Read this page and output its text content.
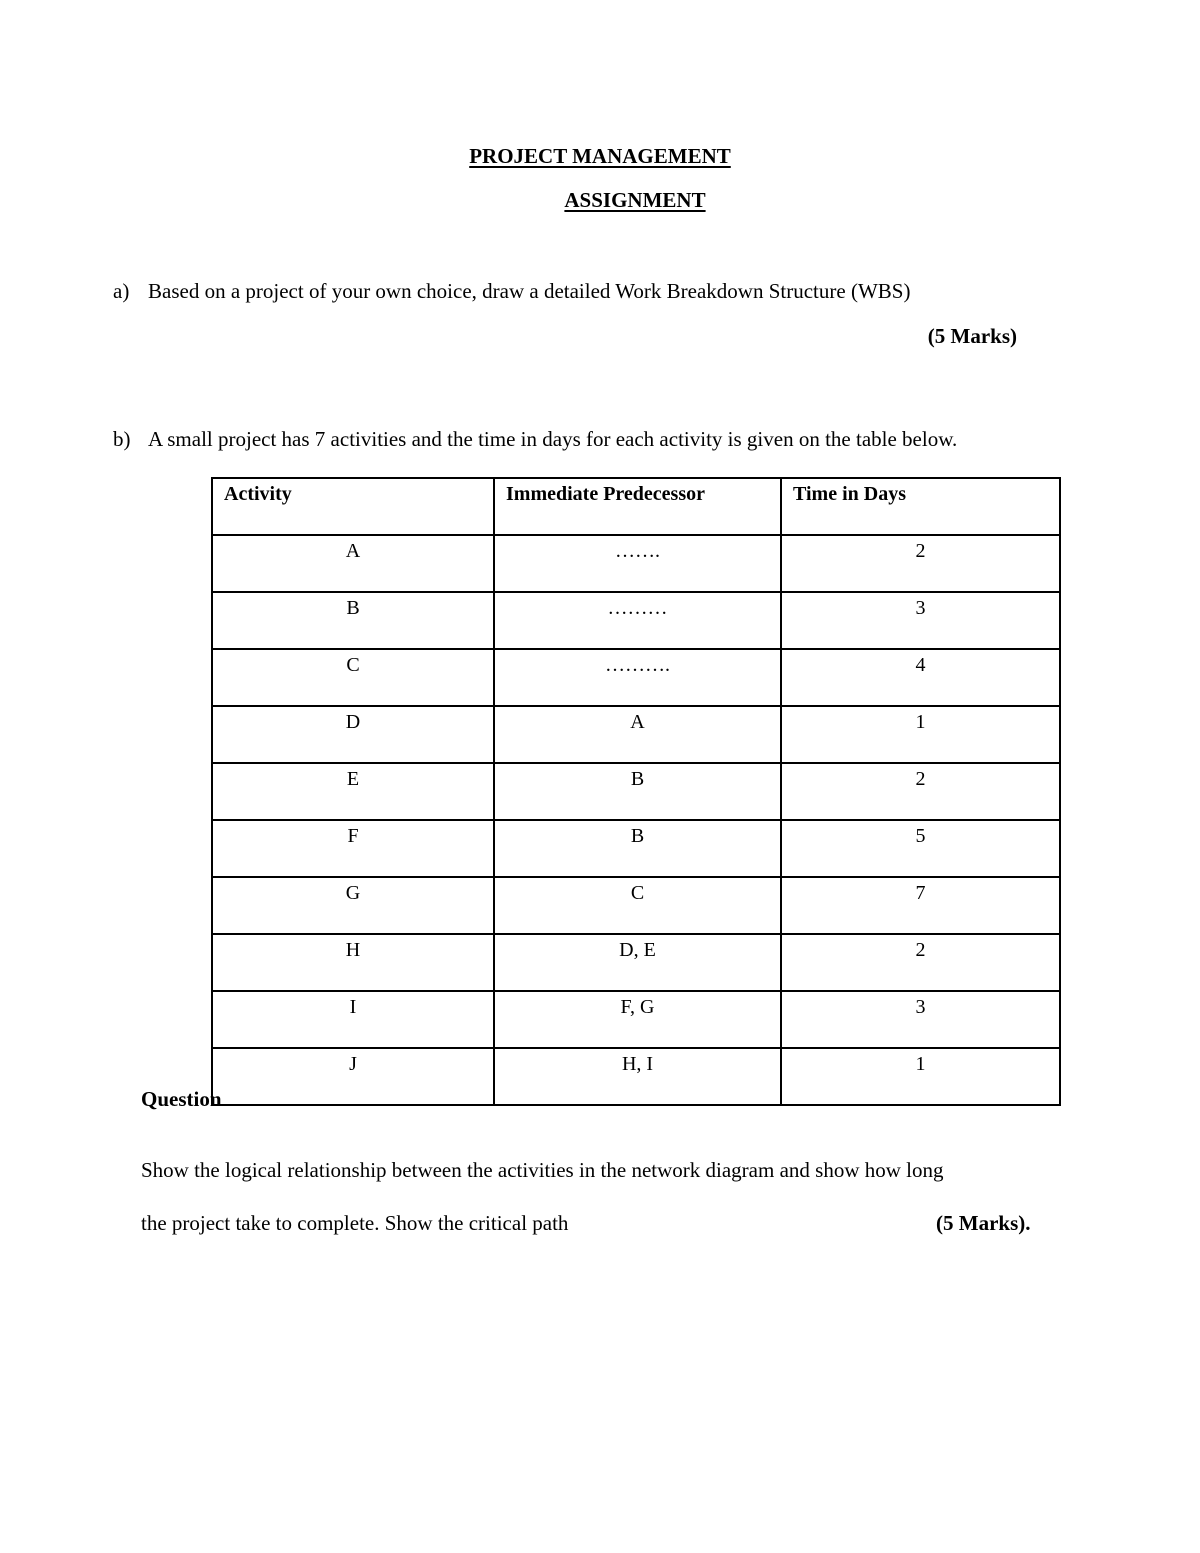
PROJECT MANAGEMENT
ASSIGNMENT
a) Based on a project of your own choice, draw a detailed Work Breakdown Structure (WBS)
(5 Marks)
b) A small project has 7 activities and the time in days for each activity is given on the table below.
Activity	Immediate Predecessor	Time in Days
A	…….	2
B	………	3
C	……….	4
D	A	1
E	B	2
F	B	5
G	C	7
H	D, E	2
I	F, G	3
J	H, I	1
Question
Show the logical relationship between the activities in the network diagram and show how long
the project take to complete. Show the critical path	(5 Marks).
